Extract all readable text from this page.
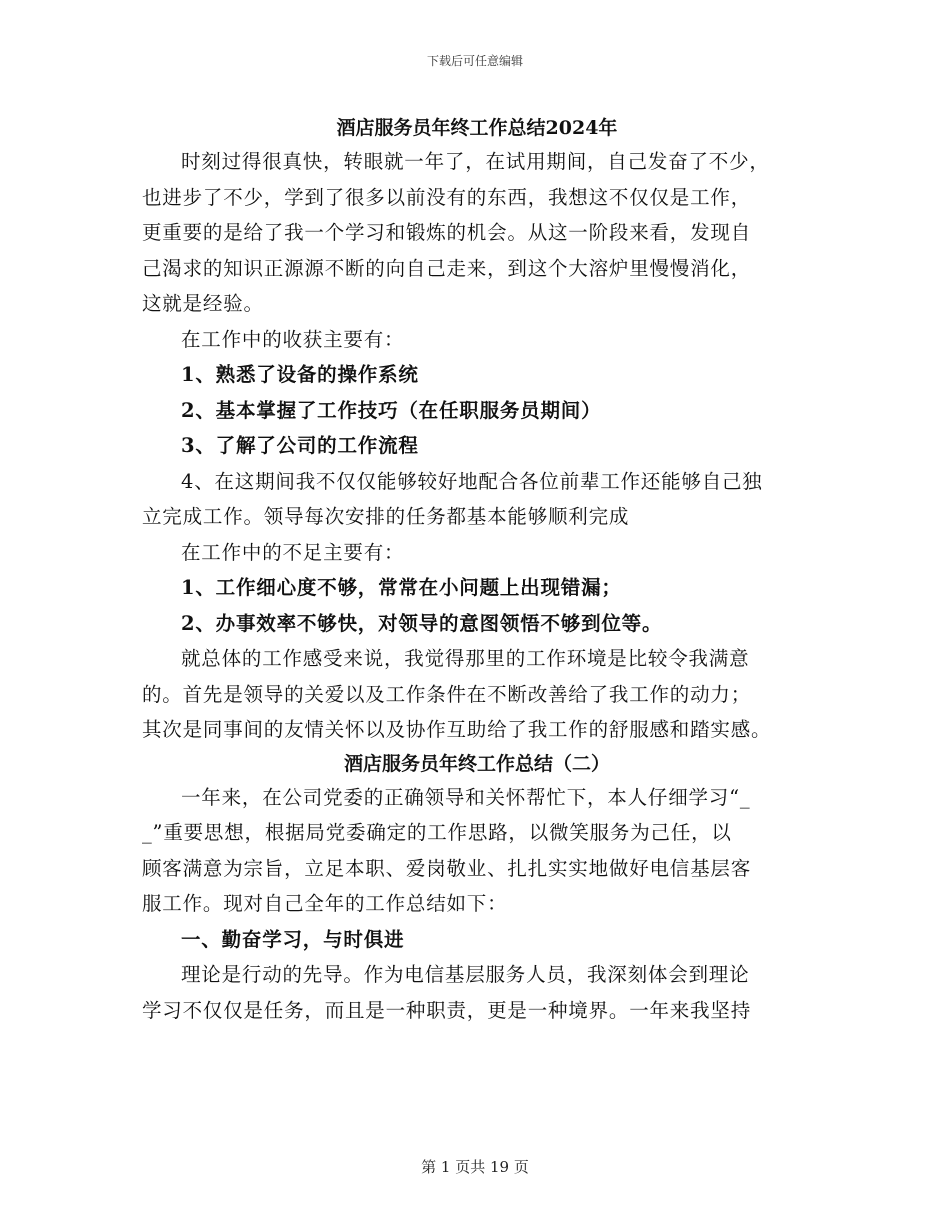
下载后可任意编辑
酒店服务员年终工作总结2024年
时刻过得很真快，转眼就一年了，在试用期间，自己发奋了不少，
也进步了不少，学到了很多以前没有的东西，我想这不仅仅是工作，
更重要的是给了我一个学习和锻炼的机会。从这一阶段来看，发现自
己渴求的知识正源源不断的向自己走来，到这个大溶炉里慢慢消化，
这就是经验。
在工作中的收获主要有：
1、熟悉了设备的操作系统
2、基本掌握了工作技巧（在任职服务员期间）
3、了解了公司的工作流程
4、在这期间我不仅仅能够较好地配合各位前辈工作还能够自己独
立完成工作。领导每次安排的任务都基本能够顺利完成
在工作中的不足主要有：
1、工作细心度不够，常常在小问题上出现错漏；
2、办事效率不够快，对领导的意图领悟不够到位等。
就总体的工作感受来说，我觉得那里的工作环境是比较令我满意
的。首先是领导的关爱以及工作条件在不断改善给了我工作的动力；
其次是同事间的友情关怀以及协作互助给了我工作的舒服感和踏实感。
酒店服务员年终工作总结（二）
一年来，在公司党委的正确领导和关怀帮忙下，本人仔细学习“_
_”重要思想，根据局党委确定的工作思路，以微笑服务为己任，以
顾客满意为宗旨，立足本职、爱岗敬业、扎扎实实地做好电信基层客
服工作。现对自己全年的工作总结如下：
一、勤奋学习，与时俱进
理论是行动的先导。作为电信基层服务人员，我深刻体会到理论
学习不仅仅是任务，而且是一种职责，更是一种境界。一年来我坚持
第 1 页共 19 页
